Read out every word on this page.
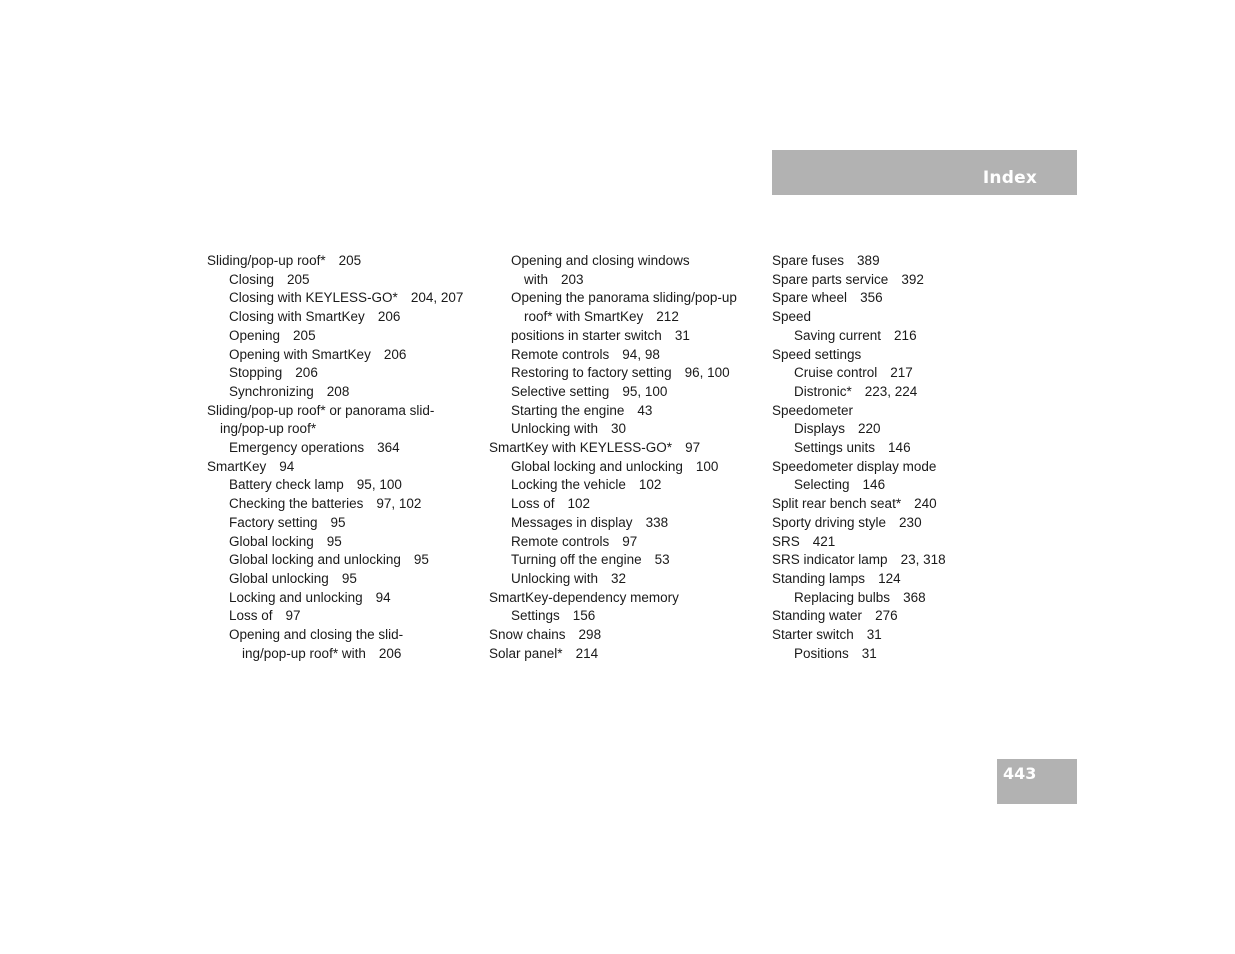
Index
Sliding/pop-up roof* 205
Closing 205
Closing with KEYLESS-GO* 204, 207
Closing with SmartKey 206
Opening 205
Opening with SmartKey 206
Stopping 206
Synchronizing 208
Sliding/pop-up roof* or panorama slid-
ing/pop-up roof*
Emergency operations 364
SmartKey 94
Battery check lamp 95, 100
Checking the batteries 97, 102
Factory setting 95
Global locking 95
Global locking and unlocking 95
Global unlocking 95
Locking and unlocking 94
Loss of 97
Opening and closing the slid-
ing/pop-up roof* with 206
Opening and closing windows
with 203
Opening the panorama sliding/pop-up
roof* with SmartKey 212
positions in starter switch 31
Remote controls 94, 98
Restoring to factory setting 96, 100
Selective setting 95, 100
Starting the engine 43
Unlocking with 30
SmartKey with KEYLESS-GO* 97
Global locking and unlocking 100
Locking the vehicle 102
Loss of 102
Messages in display 338
Remote controls 97
Turning off the engine 53
Unlocking with 32
SmartKey-dependency memory
Settings 156
Snow chains 298
Solar panel* 214
Spare fuses 389
Spare parts service 392
Spare wheel 356
Speed
Saving current 216
Speed settings
Cruise control 217
Distronic* 223, 224
Speedometer
Displays 220
Settings units 146
Speedometer display mode
Selecting 146
Split rear bench seat* 240
Sporty driving style 230
SRS 421
SRS indicator lamp 23, 318
Standing lamps 124
Replacing bulbs 368
Standing water 276
Starter switch 31
Positions 31
443
